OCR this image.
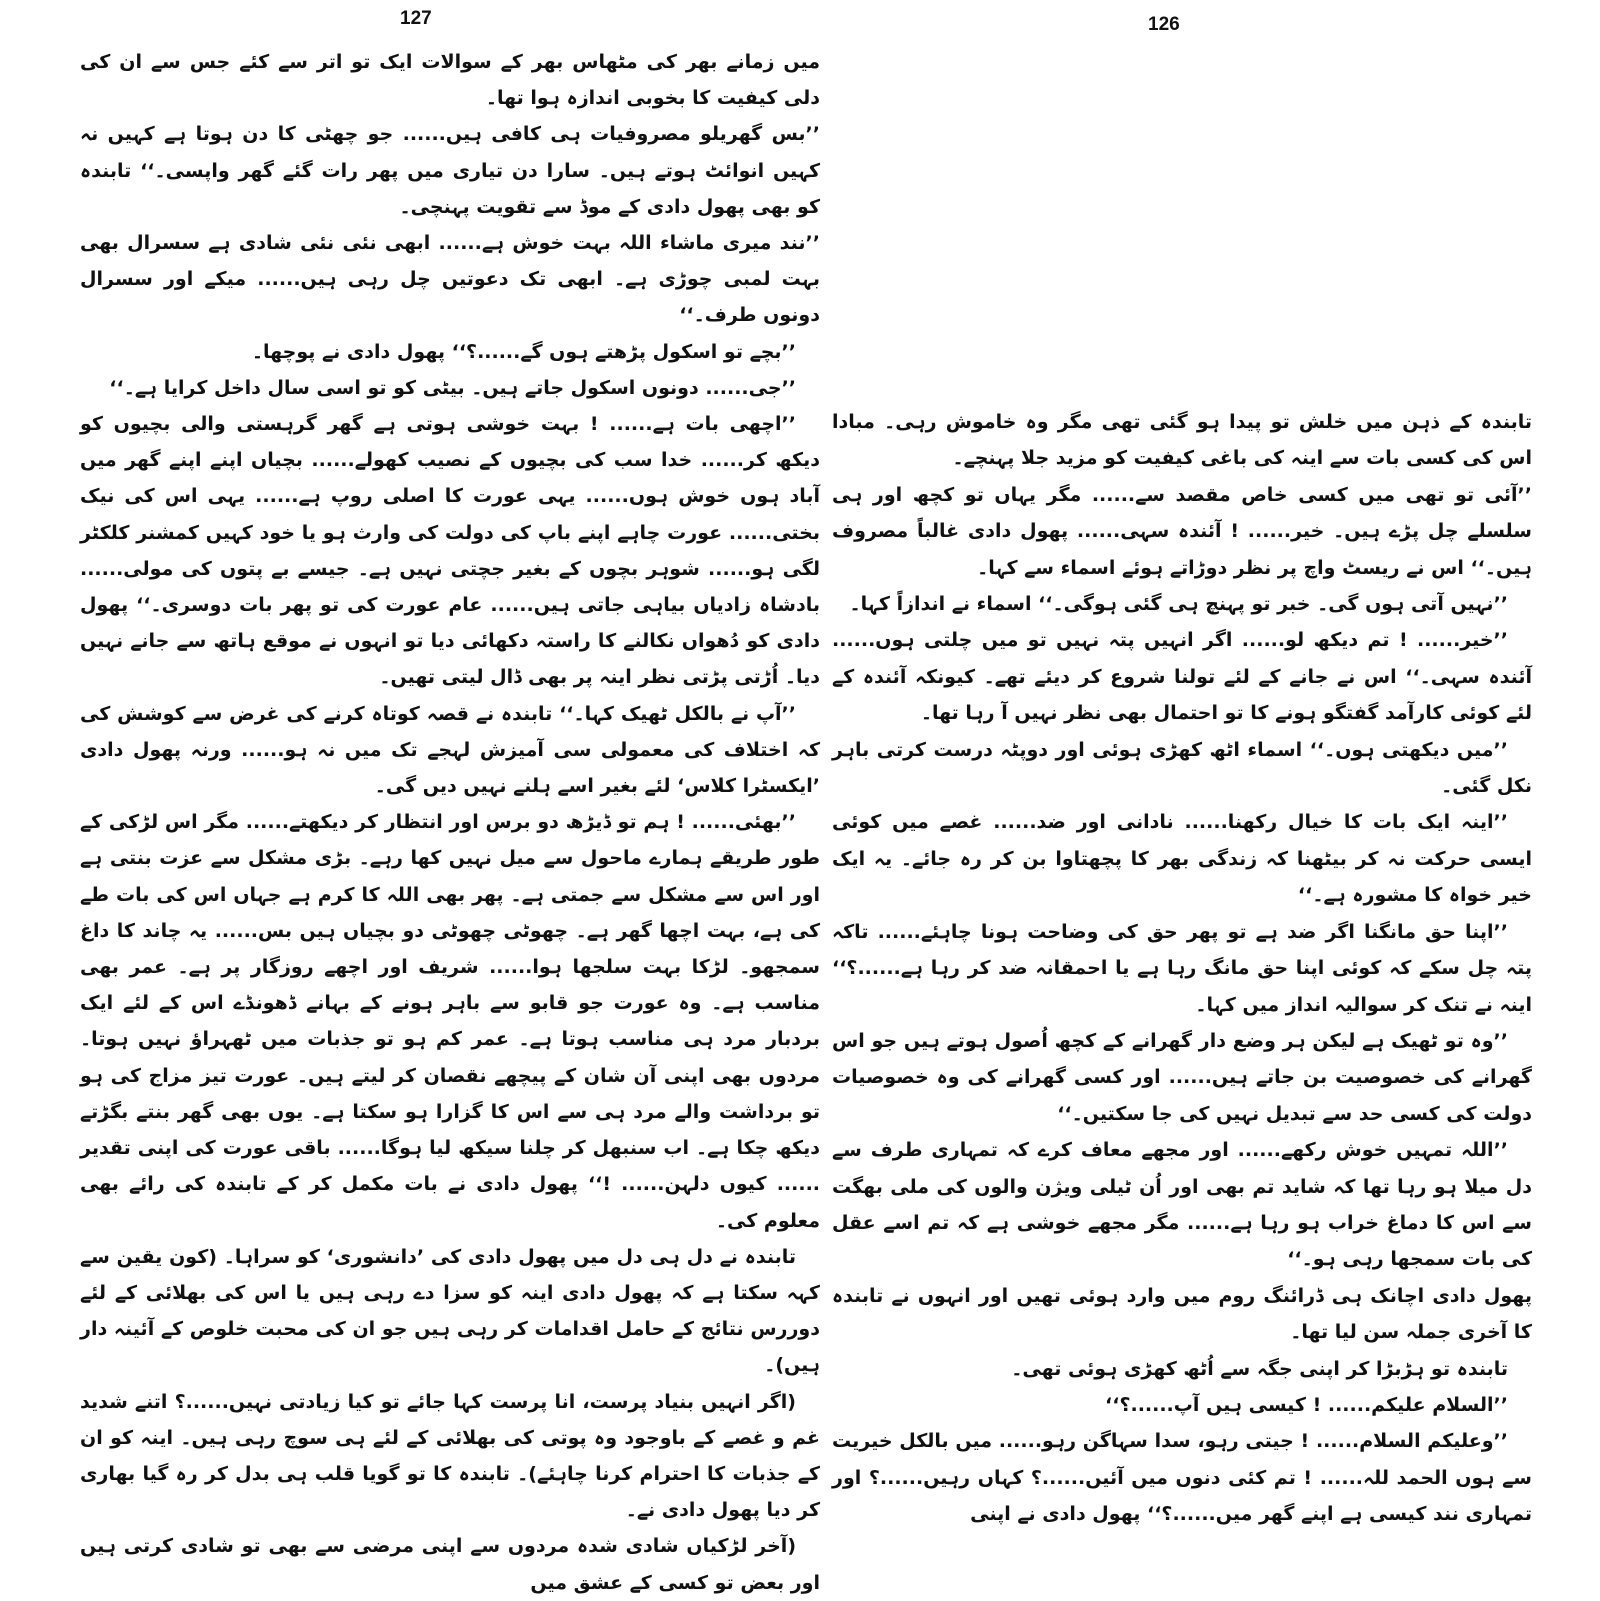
127	126

میں زمانے بھر کی مٹھاس بھر کے سوالات ایک تو اتر سے کئے جس سے ان کی دلی کیفیت کا بخوبی اندازہ ہوا تھا۔

’’بس گھریلو مصروفیات ہی کافی ہیں...... جو چھٹی کا دن ہوتا ہے کہیں نہ کہیں انوائٹ ہوتے ہیں۔ سارا دن تیاری میں پھر رات گئے گھر واپسی۔‘‘ تابندہ کو بھی پھول دادی کے موڈ سے تقویت پہنچی۔

’’نند میری ماشاء اللہ بہت خوش ہے...... ابھی نئی نئی شادی ہے سسرال بھی بہت لمبی چوڑی ہے۔ ابھی تک دعوتیں چل رہی ہیں...... میکے اور سسرال دونوں طرف۔‘‘

’’بچے تو اسکول پڑھتے ہوں گے......؟‘‘ پھول دادی نے پوچھا۔

’’جی...... دونوں اسکول جاتے ہیں۔ بیٹی کو تو اسی سال داخل کرایا ہے۔‘‘

’’اچھی بات ہے...... ! بہت خوشی ہوتی ہے گھر گرہستی والی بچیوں کو دیکھ کر...... خدا سب کی بچیوں کے نصیب کھولے...... بچیاں اپنے اپنے گھر میں آباد ہوں خوش ہوں...... یہی عورت کا اصلی روپ ہے...... یہی اس کی نیک بختی...... عورت چاہے اپنے باپ کی دولت کی وارث ہو یا خود کہیں کمشنر کلکٹر لگی ہو...... شوہر بچوں کے بغیر جچتی نہیں ہے۔ جیسے بے پتوں کی مولی...... بادشاہ زادیاں بیاہی جاتی ہیں...... عام عورت کی تو پھر بات دوسری۔‘‘ پھول دادی کو دُھواں نکالنے کا راستہ دکھائی دیا تو انہوں نے موقع ہاتھ سے جانے نہیں دیا۔ اُڑتی پڑتی نظر اینہ پر بھی ڈال لیتی تھیں۔

’’آپ نے بالکل ٹھیک کہا۔‘‘ تابندہ نے قصہ کوتاہ کرنے کی غرض سے کوشش کی کہ اختلاف کی معمولی سی آمیزش لہجے تک میں نہ ہو...... ورنہ پھول دادی ’ایکسٹرا کلاس‘ لئے بغیر اسے ہلنے نہیں دیں گی۔

’’بھئی...... ! ہم تو ڈیڑھ دو برس اور انتظار کر دیکھتے...... مگر اس لڑکی کے طور طریقے ہمارے ماحول سے میل نہیں کھا رہے۔ بڑی مشکل سے عزت بنتی ہے اور اس سے مشکل سے جمتی ہے۔ پھر بھی اللہ کا کرم ہے جہاں اس کی بات طے کی ہے، بہت اچھا گھر ہے۔ چھوٹی چھوٹی دو بچیاں ہیں بس...... یہ چاند کا داغ سمجھو۔ لڑکا بہت سلجھا ہوا...... شریف اور اچھے روزگار پر ہے۔ عمر بھی مناسب ہے۔ وہ عورت جو قابو سے باہر ہونے کے بہانے ڈھونڈے اس کے لئے ایک بردبار مرد ہی مناسب ہوتا ہے۔ عمر کم ہو تو جذبات میں ٹھہراؤ نہیں ہوتا۔ مردوں بھی اپنی آن شان کے پیچھے نقصان کر لیتے ہیں۔ عورت تیز مزاج کی ہو تو برداشت والے مرد ہی سے اس کا گزارا ہو سکتا ہے۔ یوں بھی گھر بنتے بگڑتے دیکھ چکا ہے۔ اب سنبھل کر چلنا سیکھ لیا ہوگا...... باقی عورت کی اپنی تقدیر ...... کیوں دلہن...... !‘‘ پھول دادی نے بات مکمل کر کے تابندہ کی رائے بھی معلوم کی۔

تابندہ نے دل ہی دل میں پھول دادی کی ’دانشوری‘ کو سراہا۔ (کون یقین سے کہہ سکتا ہے کہ پھول دادی اینہ کو سزا دے رہی ہیں یا اس کی بھلائی کے لئے دوررس نتائج کے حامل اقدامات کر رہی ہیں جو ان کی محبت خلوص کے آئینہ دار ہیں)۔

(اگر انہیں بنیاد پرست، انا پرست کہا جائے تو کیا زیادتی نہیں......؟ اتنے شدید غم و غصے کے باوجود وہ پوتی کی بھلائی کے لئے ہی سوچ رہی ہیں۔ اینہ کو ان کے جذبات کا احترام کرنا چاہئے)۔ تابندہ کا تو گویا قلب ہی بدل کر رہ گیا بھاری کر دیا پھول دادی نے۔

(آخر لڑکیاں شادی شدہ مردوں سے اپنی مرضی سے بھی تو شادی کرتی ہیں اور بعض تو کسی کے عشق میں

تابندہ کے ذہن میں خلش تو پیدا ہو گئی تھی مگر وہ خاموش رہی۔ مبادا اس کی کسی بات سے اینہ کی باغی کیفیت کو مزید جلا پہنچے۔

’’آئی تو تھی میں کسی خاص مقصد سے...... مگر یہاں تو کچھ اور ہی سلسلے چل پڑے ہیں۔ خیر...... ! آئندہ سہی...... پھول دادی غالباً مصروف ہیں۔‘‘ اس نے ریسٹ واچ پر نظر دوڑاتے ہوئے اسماء سے کہا۔

’’نہیں آتی ہوں گی۔ خبر تو پہنچ ہی گئی ہوگی۔‘‘ اسماء نے اندازاً کہا۔

’’خیر...... ! تم دیکھ لو...... اگر انہیں پتہ نہیں تو میں چلتی ہوں...... آئندہ سہی۔‘‘ اس نے جانے کے لئے تولنا شروع کر دیئے تھے۔ کیونکہ آئندہ کے لئے کوئی کارآمد گفتگو ہونے کا تو احتمال بھی نظر نہیں آ رہا تھا۔

’’میں دیکھتی ہوں۔‘‘ اسماء اٹھ کھڑی ہوئی اور دوپٹہ درست کرتی باہر نکل گئی۔

’’اینہ ایک بات کا خیال رکھنا...... نادانی اور ضد...... غصے میں کوئی ایسی حرکت نہ کر بیٹھنا کہ زندگی بھر کا پچھتاوا بن کر رہ جائے۔ یہ ایک خیر خواہ کا مشورہ ہے۔‘‘

’’اپنا حق مانگنا اگر ضد ہے تو پھر حق کی وضاحت ہونا چاہئے...... تاکہ پتہ چل سکے کہ کوئی اپنا حق مانگ رہا ہے یا احمقانہ ضد کر رہا ہے......؟‘‘ اینہ نے تنک کر سوالیہ انداز میں کہا۔

’’وہ تو ٹھیک ہے لیکن ہر وضع دار گھرانے کے کچھ اُصول ہوتے ہیں جو اس گھرانے کی خصوصیت بن جاتے ہیں...... اور کسی گھرانے کی وہ خصوصیات دولت کی کسی حد سے تبدیل نہیں کی جا سکتیں۔‘‘

’’اللہ تمہیں خوش رکھے...... اور مجھے معاف کرے کہ تمہاری طرف سے دل میلا ہو رہا تھا کہ شاید تم بھی اور اُن ٹیلی ویژن والوں کی ملی بھگت سے اس کا دماغ خراب ہو رہا ہے...... مگر مجھے خوشی ہے کہ تم اسے عقل کی بات سمجھا رہی ہو۔‘‘

پھول دادی اچانک ہی ڈرائنگ روم میں وارد ہوئی تھیں اور انہوں نے تابندہ کا آخری جملہ سن لیا تھا۔

تابندہ تو ہڑبڑا کر اپنی جگہ سے اُٹھ کھڑی ہوئی تھی۔

’’السلام علیکم...... ! کیسی ہیں آپ......؟‘‘

’’وعلیکم السلام...... ! جیتی رہو، سدا سہاگن رہو...... میں بالکل خیریت سے ہوں الحمد للہ...... ! تم کئی دنوں میں آئیں......؟ کہاں رہیں......؟ اور تمہاری نند کیسی ہے اپنے گھر میں......؟‘‘ پھول دادی نے اپنی
